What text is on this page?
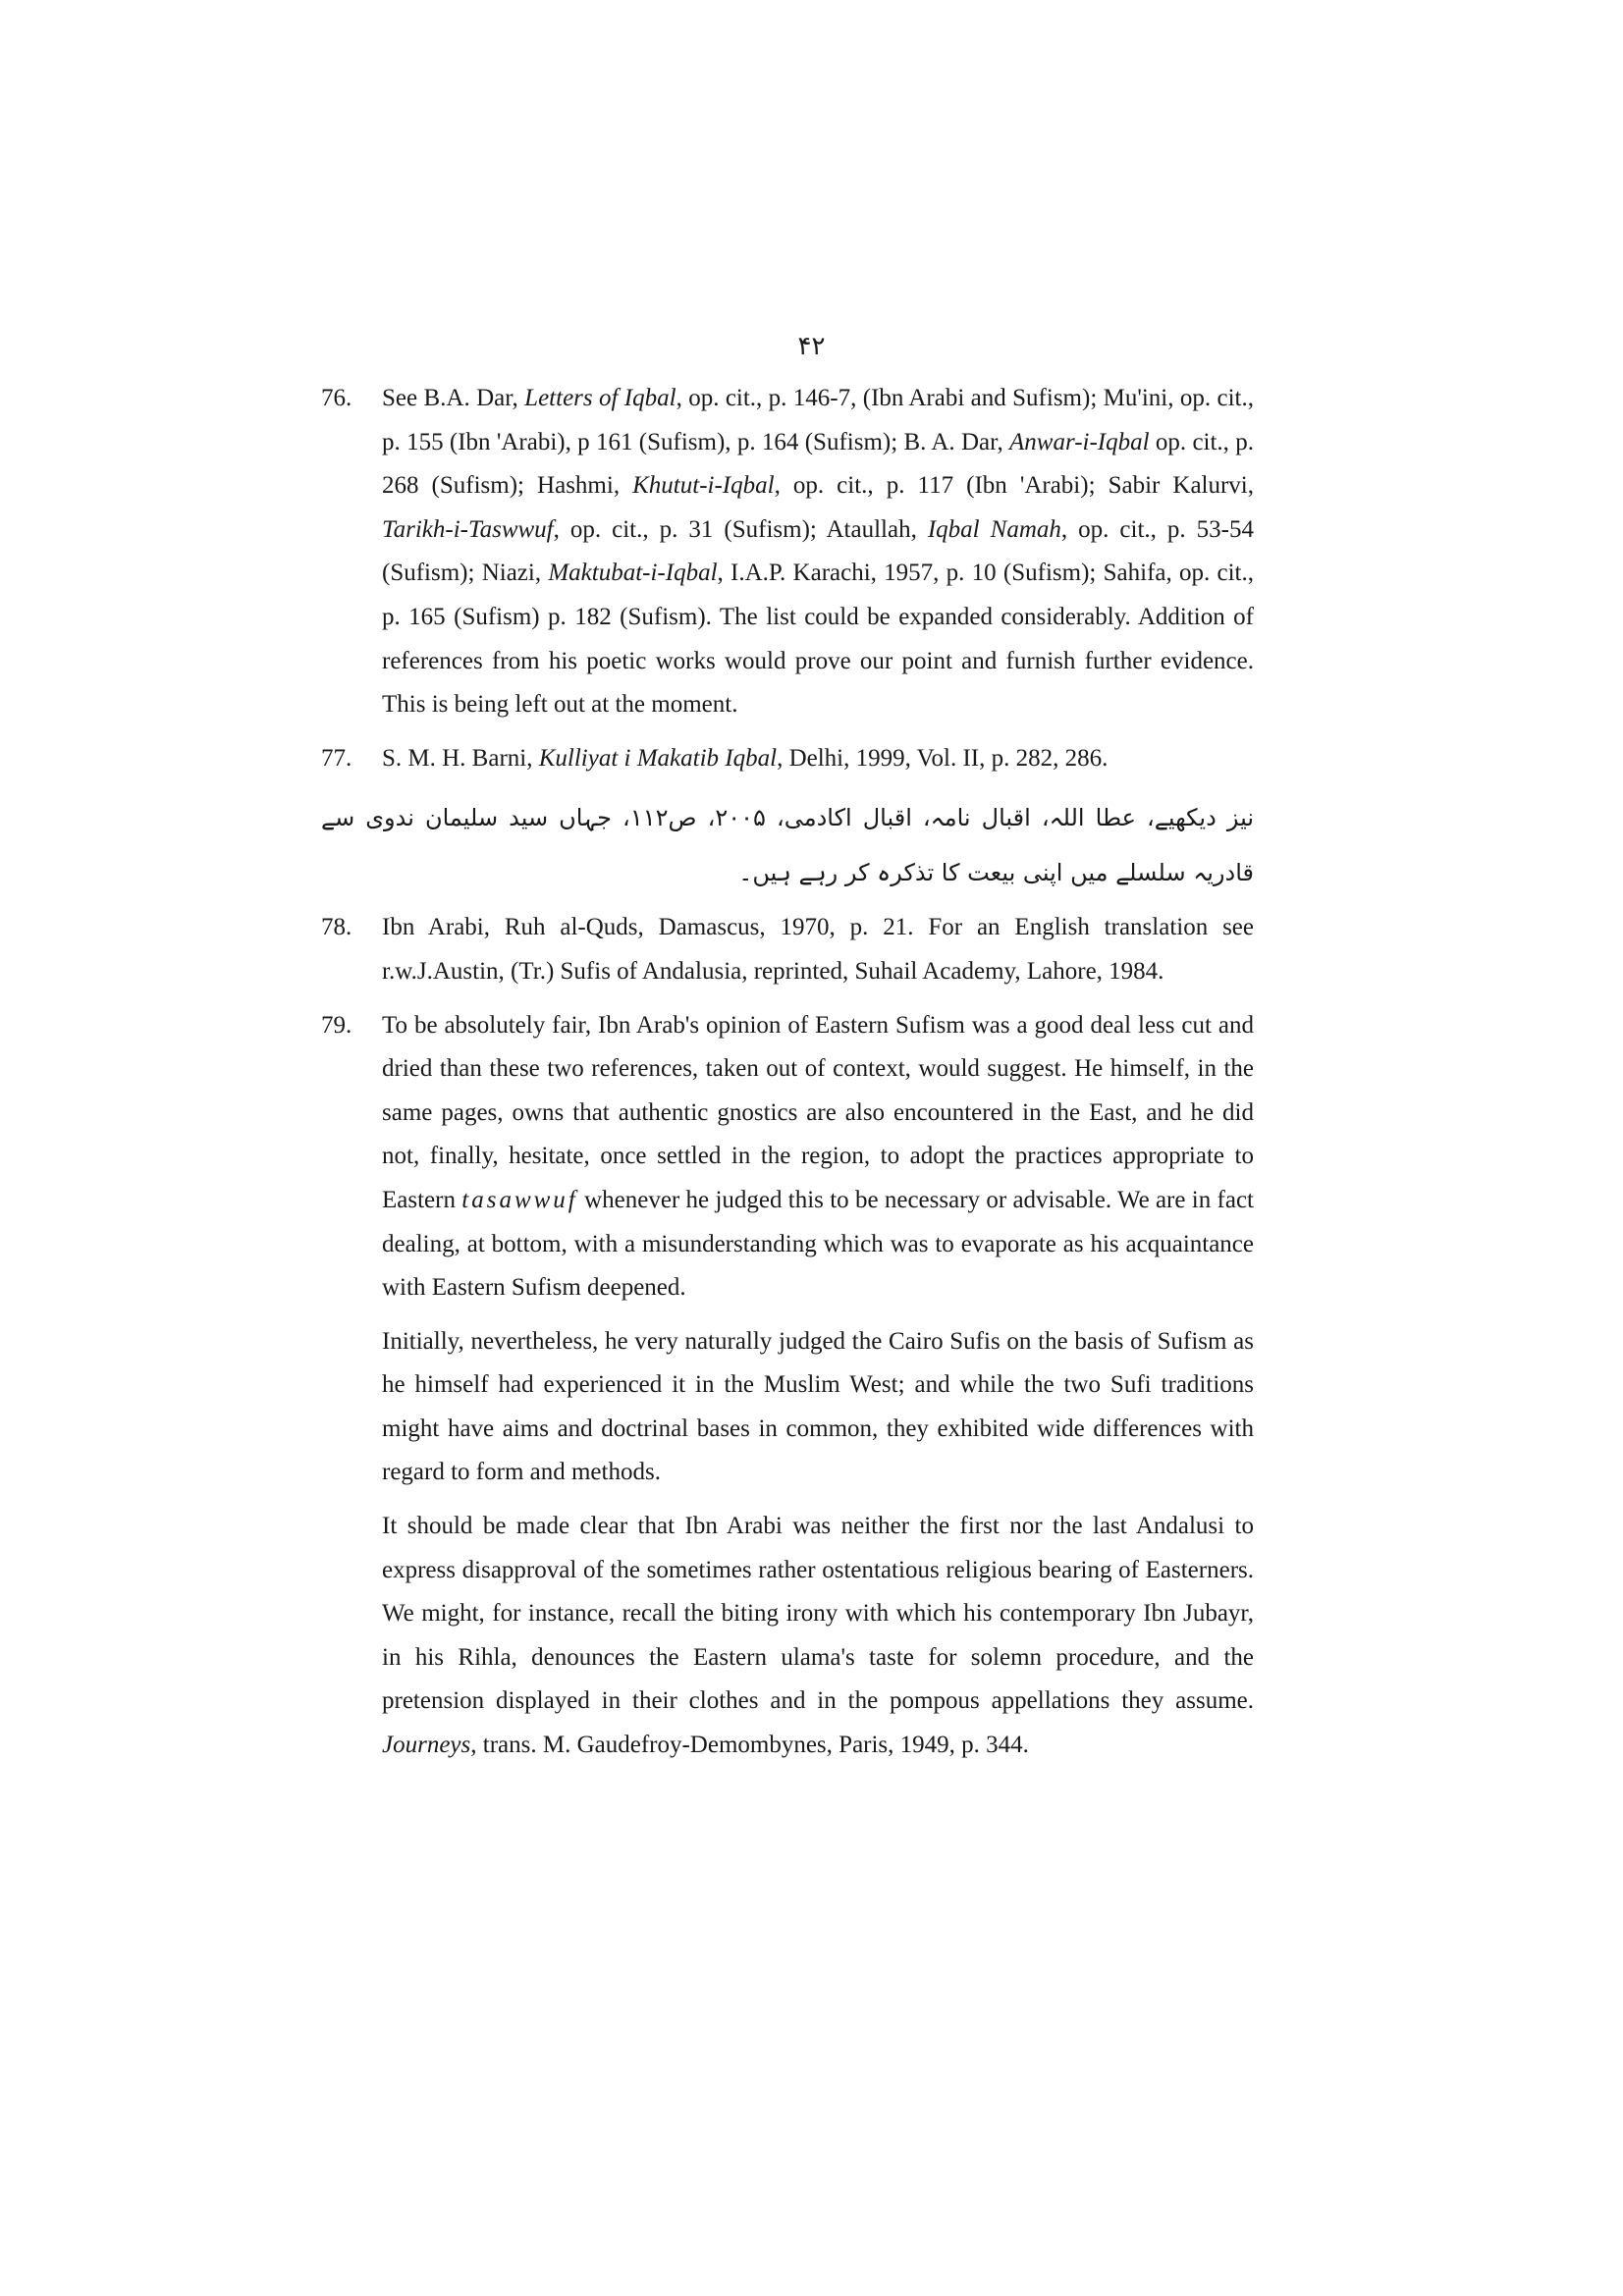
۴۲
76. See B.A. Dar, Letters of Iqbal, op. cit., p. 146-7, (Ibn Arabi and Sufism); Mu'ini, op. cit., p. 155 (Ibn 'Arabi), p 161 (Sufism), p. 164 (Sufism); B. A. Dar, Anwar-i-Iqbal op. cit., p. 268 (Sufism); Hashmi, Khutut-i-Iqbal, op. cit., p. 117 (Ibn 'Arabi); Sabir Kalurvi, Tarikh-i-Taswwuf, op. cit., p. 31 (Sufism); Ataullah, Iqbal Namah, op. cit., p. 53-54 (Sufism); Niazi, Maktubat-i-Iqbal, I.A.P. Karachi, 1957, p. 10 (Sufism); Sahifa, op. cit., p. 165 (Sufism) p. 182 (Sufism). The list could be expanded considerably. Addition of references from his poetic works would prove our point and furnish further evidence. This is being left out at the moment.

77. S. M. H. Barni, Kulliyat i Makatib Iqbal, Delhi, 1999, Vol. II, p. 282, 286.

نیز دیکھیے، عطا اللہ، اقبال نامہ، اقبال اکادمی، ۲۰۰۵، ص۱۱۲، جہاں سید سلیمان ندوی سے قادریہ سلسلے میں اپنی بیعت کا تذکرہ کر رہے ہیں۔

78. Ibn Arabi, Ruh al-Quds, Damascus, 1970, p. 21. For an English translation see r.w.J.Austin, (Tr.) Sufis of Andalusia, reprinted, Suhail Academy, Lahore, 1984.

79. To be absolutely fair, Ibn Arab's opinion of Eastern Sufism was a good deal less cut and dried than these two references, taken out of context, would suggest. He himself, in the same pages, owns that authentic gnostics are also encountered in the East, and he did not, finally, hesitate, once settled in the region, to adopt the practices appropriate to Eastern tasawwuf whenever he judged this to be necessary or advisable. We are in fact dealing, at bottom, with a misunderstanding which was to evaporate as his acquaintance with Eastern Sufism deepened.

Initially, nevertheless, he very naturally judged the Cairo Sufis on the basis of Sufism as he himself had experienced it in the Muslim West; and while the two Sufi traditions might have aims and doctrinal bases in common, they exhibited wide differences with regard to form and methods.

It should be made clear that Ibn Arabi was neither the first nor the last Andalusi to express disapproval of the sometimes rather ostentatious religious bearing of Easterners. We might, for instance, recall the biting irony with which his contemporary Ibn Jubayr, in his Rihla, denounces the Eastern ulama's taste for solemn procedure, and the pretension displayed in their clothes and in the pompous appellations they assume. Journeys, trans. M. Gaudefroy-Demombynes, Paris, 1949, p. 344.
